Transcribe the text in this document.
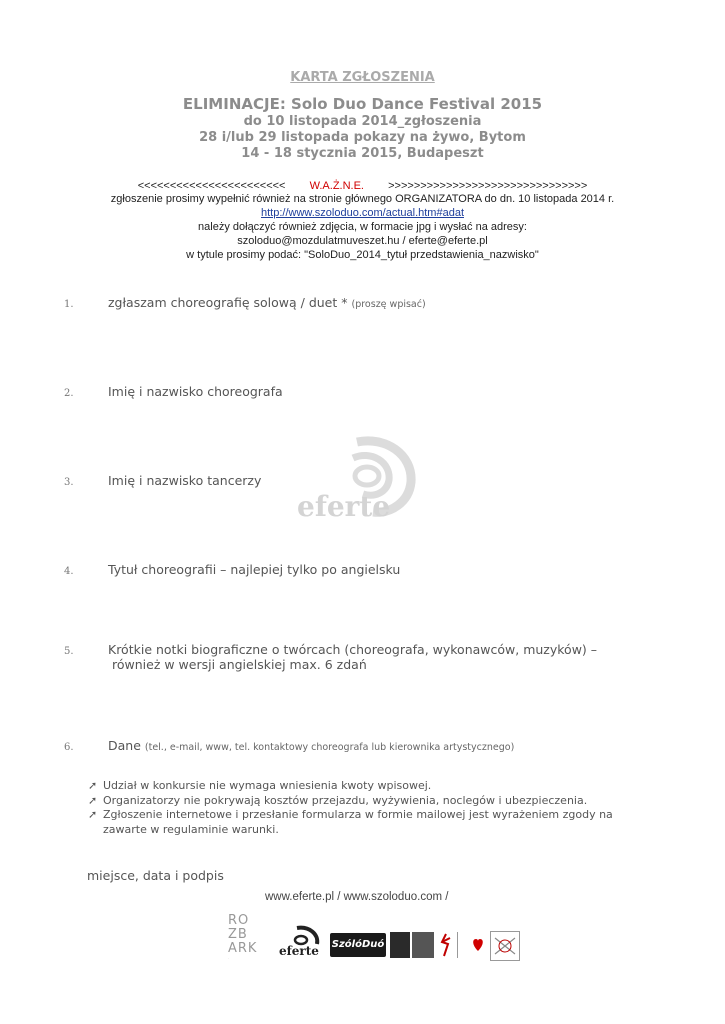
KARTA ZGŁOSZENIA
ELIMINACJE: Solo Duo Dance Festival 2015
do 10 listopada 2014_zgłoszenia
28 i/lub 29 listopada pokazy na żywo, Bytom
14 - 18 stycznia 2015, Budapeszt
<<<<<<<<<<<<<<<<<<<<<<< W.A.Ż.N.E. >>>>>>>>>>>>>>>>>>>>>>>>>>>>>>>
zgłoszenie prosimy wypełnić również na stronie głównego ORGANIZATORA do dn. 10 listopada 2014 r.
http://www.szoloduo.com/actual.htm#adat
należy dołączyć również zdjęcia, w formacie jpg i wysłać na adresy:
szoloduo@mozdulatmuveszet.hu / eferte@eferte.pl
w tytule prosimy podać: "SoloDuo_2014_tytuł przedstawienia_nazwisko"
1.	zgłaszam choreografię solową / duet * (proszę wpisać)
2.	Imię i nazwisko choreografa
3.	Imię i nazwisko tancerzy
4.	Tytuł choreografii – najlepiej tylko po angielsku
5.	Krótkie notki biograficzne o twórcach (choreografa, wykonawców, muzyków) –
również w wersji angielskiej max. 6 zdań
6.	Dane (tel., e-mail, www, tel. kontaktowy choreografa lub kierownika artystycznego)
eferte
➚ Udział w konkursie nie wymaga wniesienia kwoty wpisowej.
➚ Organizatorzy nie pokrywają kosztów przejazdu, wyżywienia, noclegów i ubezpieczenia.
➚ Zgłoszenie internetowe i przesłanie formularza w formie mailowej jest wyrażeniem zgody na zawarte w regulaminie warunki.
miejsce, data i podpis
www.eferte.pl / www.szoloduo.com /
RO
ZB
ARK
.	eferte SzólóDuó
